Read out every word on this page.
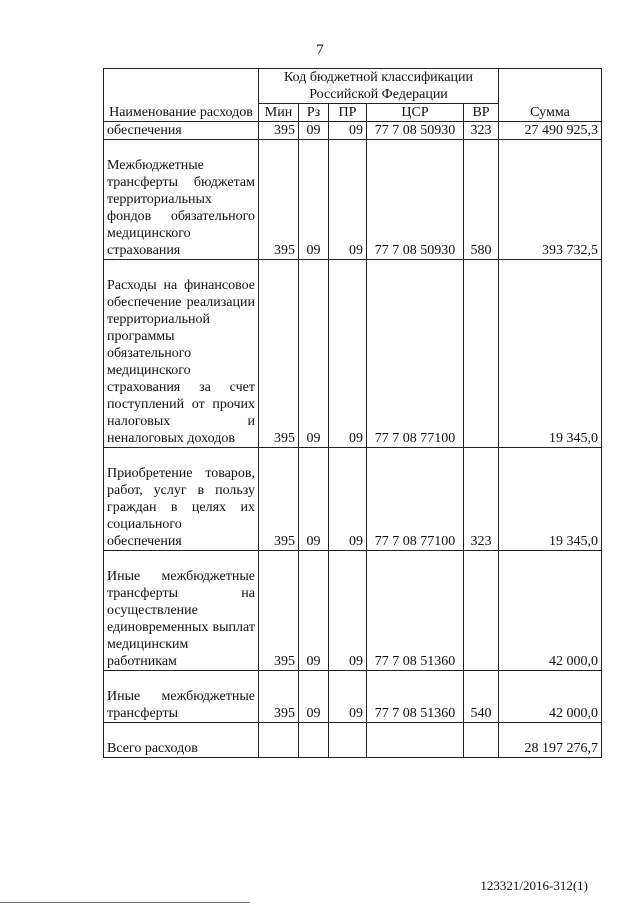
7
Наименование расходов	Код бюджетной классификации Российской Федерации					Сумма
	Мин	Рз	ПР	ЦСР	ВР	
обеспечения	395	09	09	77 7 08 50930	323	27 490 925,3

Межбюджетные трансферты бюджетам территориальных фондов обязательного медицинского страхования	395	09	09	77 7 08 50930	580	393 732,5

Расходы на финансовое обеспечение реализации территориальной программы обязательного медицинского страхования за счет поступлений от прочих налоговых и неналоговых доходов	395	09	09	77 7 08 77100		19 345,0

Приобретение товаров, работ, услуг в пользу граждан в целях их социального обеспечения	395	09	09	77 7 08 77100	323	19 345,0

Иные межбюджетные трансферты на осуществление единовременных выплат медицинским работникам	395	09	09	77 7 08 51360		42 000,0

Иные межбюджетные трансферты	395	09	09	77 7 08 51360	540	42 000,0

Всего расходов						28 197 276,7
123321/2016-312(1)
